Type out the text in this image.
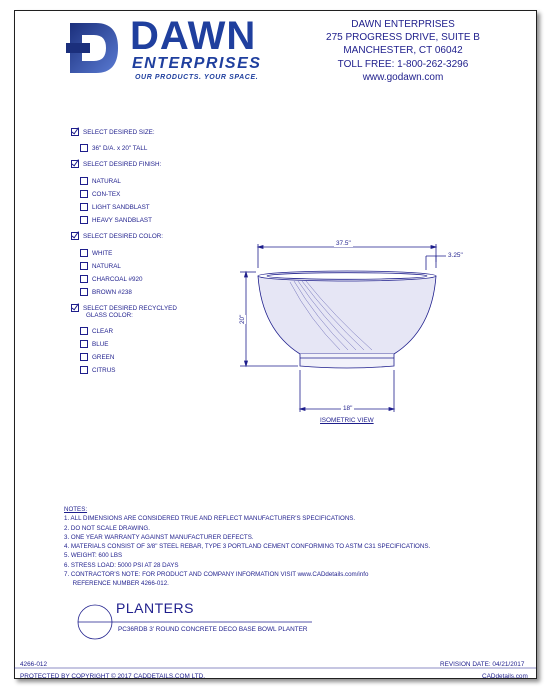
DAWN
ENTERPRISES
OUR PRODUCTS. YOUR SPACE.
DAWN ENTERPRISES
275 PROGRESS DRIVE, SUITE B
MANCHESTER, CT 06042
TOLL FREE: 1-800-262-3296
www.godawn.com
SELECT DESIRED SIZE:
36" D/A. x 20" TALL
SELECT DESIRED FINISH:
NATURAL
CON-TEX
LIGHT SANDBLAST
HEAVY SANDBLAST
SELECT DESIRED COLOR:
WHITE
NATURAL
CHARCOAL #920
BROWN #238
SELECT DESIRED RECYCLYED
GLASS COLOR:
CLEAR
BLUE
GREEN
CITRUS
37.5"
3.25"
20"
18"
ISOMETRIC VIEW
NOTES:
1. ALL DIMENSIONS ARE CONSIDERED TRUE AND REFLECT MANUFACTURER'S SPECIFICATIONS.
2. DO NOT SCALE DRAWING.
3. ONE YEAR WARRANTY AGAINST MANUFACTURER DEFECTS.
4. MATERIALS CONSIST OF 3/8" STEEL REBAR, TYPE 3 PORTLAND CEMENT CONFORMING TO ASTM C31 SPECIFICATIONS.
5. WEIGHT: 600 LBS
6. STRESS LOAD: 5000 PSI AT 28 DAYS
7. CONTRACTOR'S NOTE: FOR PRODUCT AND COMPANY INFORMATION VISIT www.CADdetails.com/info
REFERENCE NUMBER 4266-012.
PLANTERS
PC36RDB 3' ROUND CONCRETE DECO BASE BOWL PLANTER
4266-012	REVISION DATE: 04/21/2017
PROTECTED BY COPYRIGHT © 2017 CADDETAILS.COM LTD.	CADdetails.com
